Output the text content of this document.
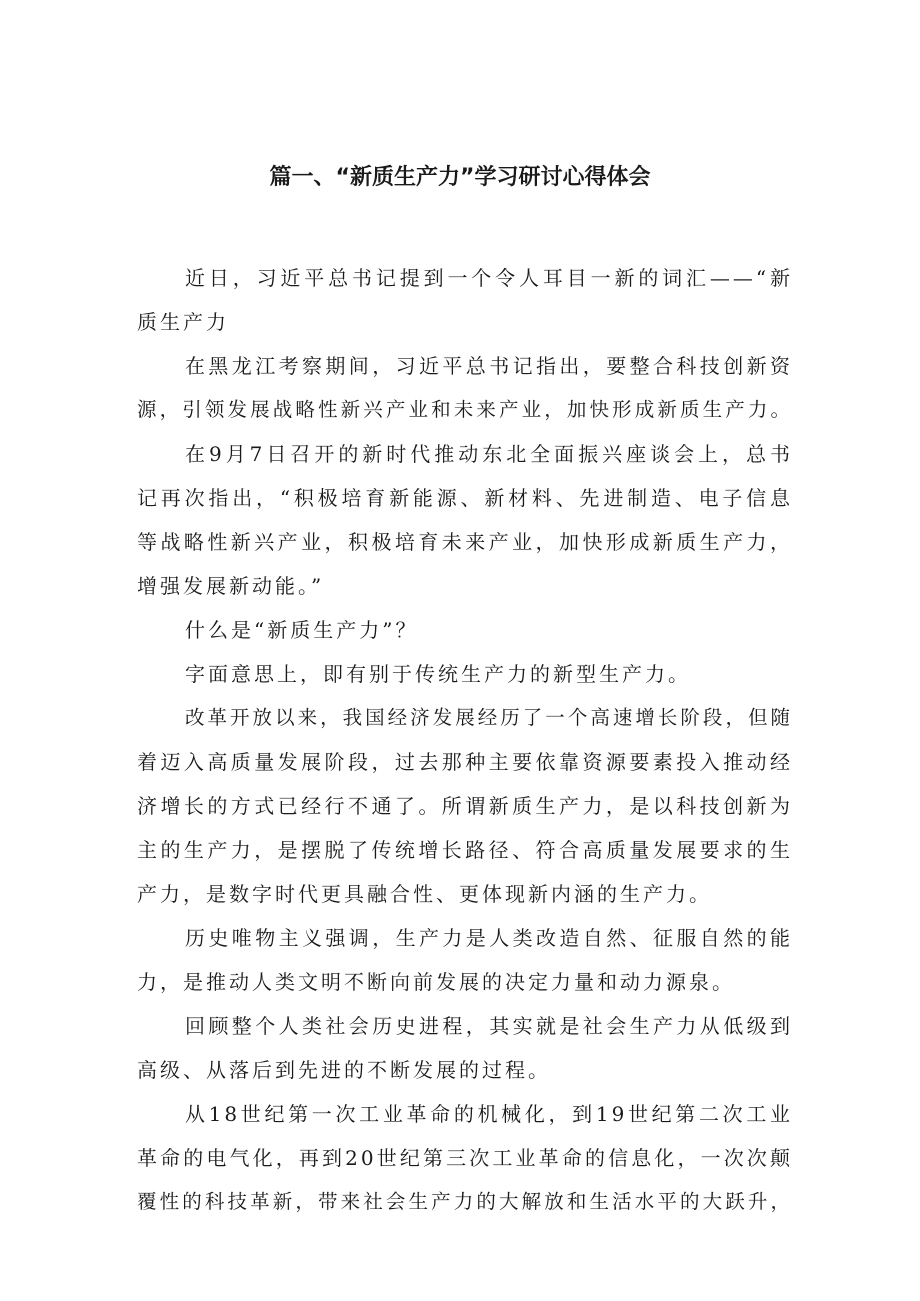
篇一、“新质生产力”学习研讨心得体会
近日，习近平总书记提到一个令人耳目一新的词汇——“新
质生产力
在黑龙江考察期间，习近平总书记指出，要整合科技创新资
源，引领发展战略性新兴产业和未来产业，加快形成新质生产力。
在9月7日召开的新时代推动东北全面振兴座谈会上，总书
记再次指出，“积极培育新能源、新材料、先进制造、电子信息
等战略性新兴产业，积极培育未来产业，加快形成新质生产力，
增强发展新动能。”
什么是“新质生产力”？
字面意思上，即有别于传统生产力的新型生产力。
改革开放以来，我国经济发展经历了一个高速增长阶段，但随
着迈入高质量发展阶段，过去那种主要依靠资源要素投入推动经
济增长的方式已经行不通了。所谓新质生产力，是以科技创新为
主的生产力，是摆脱了传统增长路径、符合高质量发展要求的生
产力，是数字时代更具融合性、更体现新内涵的生产力。
历史唯物主义强调，生产力是人类改造自然、征服自然的能
力，是推动人类文明不断向前发展的决定力量和动力源泉。
回顾整个人类社会历史进程，其实就是社会生产力从低级到
高级、从落后到先进的不断发展的过程。
从18世纪第一次工业革命的机械化，到19世纪第二次工业
革命的电气化，再到20世纪第三次工业革命的信息化，一次次颠
覆性的科技革新，带来社会生产力的大解放和生活水平的大跃升，
